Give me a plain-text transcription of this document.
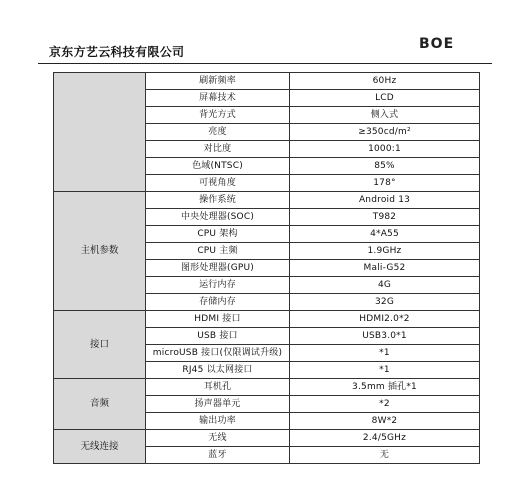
京东方艺云科技有限公司	BOE
	刷新频率	60Hz
	屏幕技术	LCD
	背光方式	侧入式
	亮度	≥350cd/m²
	对比度	1000:1
	色域(NTSC)	85%
	可视角度	178°
主机参数	操作系统	Android 13
	中央处理器(SOC)	T982
	CPU 架构	4*A55
	CPU 主频	1.9GHz
	图形处理器(GPU)	Mali-G52
	运行内存	4G
	存储内存	32G
接口	HDMI 接口	HDMI2.0*2
	USB 接口	USB3.0*1
	microUSB 接口(仅限调试升级)	*1
	RJ45 以太网接口	*1
音频	耳机孔	3.5mm 插孔*1
	扬声器单元	*2
	输出功率	8W*2
无线连接	无线	2.4/5GHz
	蓝牙	无
